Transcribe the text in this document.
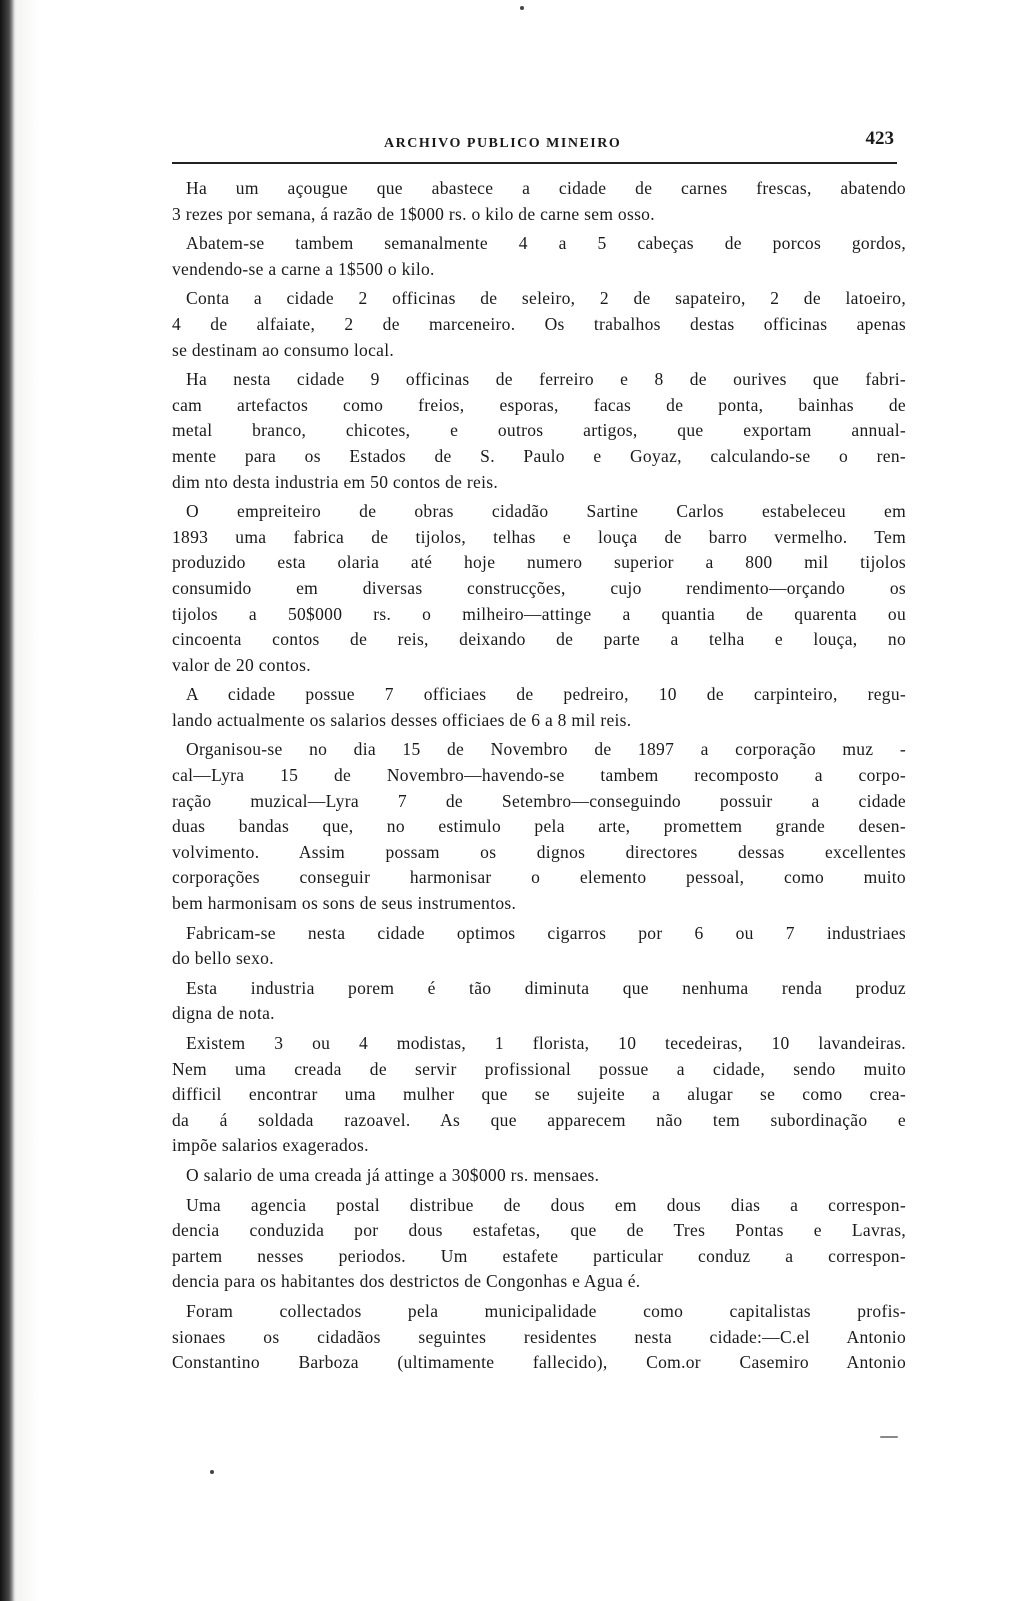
ARCHIVO PUBLICO MINEIRO	423
Ha um açougue que abastece a cidade de carnes frescas, abatendo
3 rezes por semana, á razão de 1$000 rs. o kilo de carne sem osso.
Abatem-se tambem semanalmente 4 a 5 cabeças de porcos gordos,
vendendo-se a carne a 1$500 o kilo.
Conta a cidade 2 officinas de seleiro, 2 de sapateiro, 2 de latoeiro,
4 de alfaiate, 2 de marceneiro. Os trabalhos destas officinas apenas
se destinam ao consumo local.
Ha nesta cidade 9 officinas de ferreiro e 8 de ourives que fabri-
cam artefactos como freios, esporas, facas de ponta, bainhas de
metal branco, chicotes, e outros artigos, que exportam annual-
mente para os Estados de S. Paulo e Goyaz, calculando-se o ren-
dim nto desta industria em 50 contos de reis.
O empreiteiro de obras cidadão Sartine Carlos estabeleceu em
1893 uma fabrica de tijolos, telhas e louça de barro vermelho. Tem
produzido esta olaria até hoje numero superior a 800 mil tijolos
consumido em diversas construcções, cujo rendimento—orçando os
tijolos a 50$000 rs. o milheiro—attinge a quantia de quarenta ou
cincoenta contos de reis, deixando de parte a telha e louça, no
valor de 20 contos.
A cidade possue 7 officiaes de pedreiro, 10 de carpinteiro, regu-
lando actualmente os salarios desses officiaes de 6 a 8 mil reis.
Organisou-se no dia 15 de Novembro de 1897 a corporação muz -
cal—Lyra 15 de Novembro—havendo-se tambem recomposto a corpo-
ração muzical—Lyra 7 de Setembro—conseguindo possuir a cidade
duas bandas que, no estimulo pela arte, promettem grande desen-
volvimento. Assim possam os dignos directores dessas excellentes
corporações conseguir harmonisar o elemento pessoal, como muito
bem harmonisam os sons de seus instrumentos.
Fabricam-se nesta cidade optimos cigarros por 6 ou 7 industriaes
do bello sexo.
Esta industria porem é tão diminuta que nenhuma renda produz
digna de nota.
Existem 3 ou 4 modistas, 1 florista, 10 tecedeiras, 10 lavandeiras.
Nem uma creada de servir profissional possue a cidade, sendo muito
difficil encontrar uma mulher que se sujeite a alugar se como crea-
da á soldada razoavel. As que apparecem não tem subordinação e
impõe salarios exagerados.
O salario de uma creada já attinge a 30$000 rs. mensaes.
Uma agencia postal distribue de dous em dous dias a correspon-
dencia conduzida por dous estafetas, que de Tres Pontas e Lavras,
partem nesses periodos. Um estafete particular conduz a correspon-
dencia para os habitantes dos destrictos de Congonhas e Agua é.
Foram collectados pela municipalidade como capitalistas profis-
sionaes os cidadãos seguintes residentes nesta cidade:—C.el Antonio
Constantino Barboza (ultimamente fallecido), Com.or Casemiro Antonio
